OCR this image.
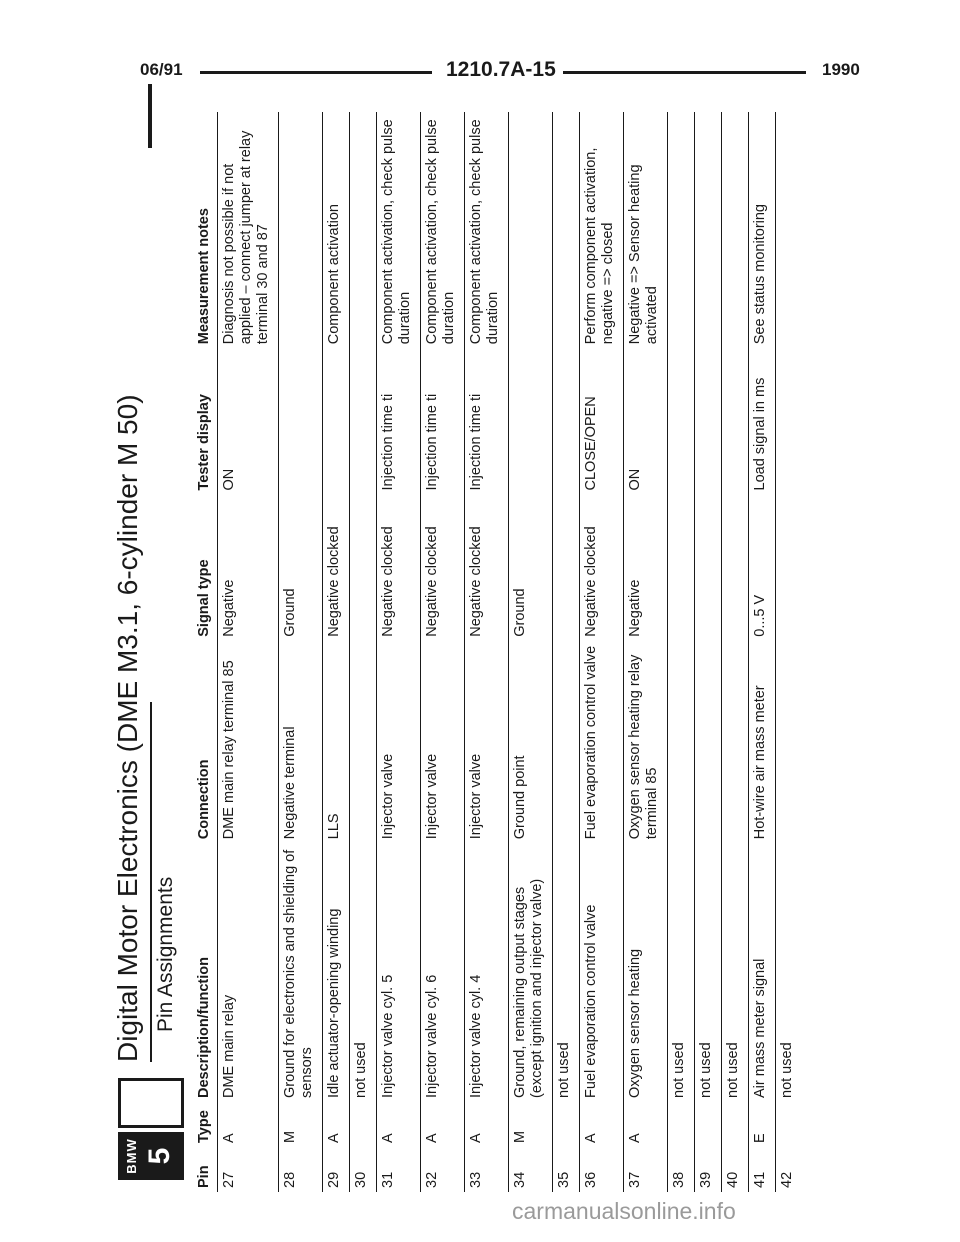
06/91	1210.7A-15	1990
BMW 5
Digital Motor Electronics (DME M3.1, 6-cylinder M 50) Pin Assignments
Pin	Type	Description/function	Connection	Signal type	Tester display	Measurement notes
27	A	DME main relay	DME main relay terminal 85	Negative	ON	Diagnosis not possible if not applied – connect jumper at relay terminal 30 and 87
28	M	Ground for electronics and shielding of sensors	Negative terminal	Ground		
29	A	Idle actuator-opening winding	LLS	Negative clocked		Component activation
30		not used				
31	A	Injector valve cyl. 5	Injector valve	Negative clocked	Injection time ti	Component activation, check pulse duration
32	A	Injector valve cyl. 6	Injector valve	Negative clocked	Injection time ti	Component activation, check pulse duration
33	A	Injector valve cyl. 4	Injector valve	Negative clocked	Injection time ti	Component activation, check pulse duration
34	M	Ground, remaining output stages (except ignition and injector valve)	Ground point	Ground		
35		not used				
36	A	Fuel evaporation control valve	Fuel evaporation control valve	Negative clocked	CLOSE/OPEN	Perform component activation, negative => closed
37	A	Oxygen sensor heating	Oxygen sensor heating relay terminal 85	Negative	ON	Negative => Sensor heating activated
38		not used				
39		not used				
40		not used				
41	E	Air mass meter signal	Hot-wire air mass meter	0...5 V	Load signal in ms	See status monitoring
42		not used				
carmanualsonline.info
